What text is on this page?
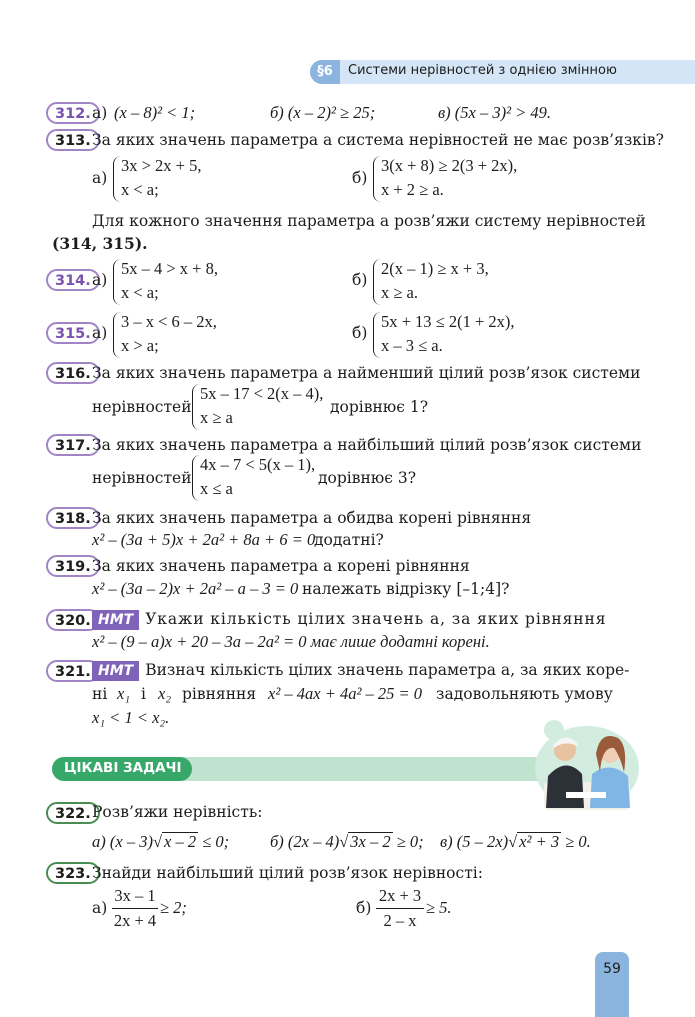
§6	Системи нерівностей з однією змінною
312. а) (x – 8)² < 1;	б) (x – 2)² ≥ 25;	в) (5x – 3)² > 49.
313. За яких значень параметра a система нерівностей не має розв’язків?
а)
3x > 2x + 5,
x < a;
б)
3(x + 8) ≥ 2(3 + 2x),
x + 2 ≥ a.
Для кожного значення параметра a розв’яжи систему нерівностей
(314, 315).
314. а)
5x – 4 > x + 8,
x < a;
б)
2(x – 1) ≥ x + 3,
x ≥ a.
315. а)
3 – x < 6 – 2x,
x > a;
б)
5x + 13 ≤ 2(1 + 2x),
x – 3 ≤ a.
316. За яких значень параметра a найменший цілий розв’язок системи
нерівностей
5x – 17 < 2(x – 4),
x ≥ a
дорівнює 1?
317. За яких значень параметра a найбільший цілий розв’язок системи
нерівностей
4x – 7 < 5(x – 1),
x ≤ a
дорівнює 3?
318. За яких значень параметра a обидва корені рівняння
x² – (3a + 5)x + 2a² + 8a + 6 = 0
додатні?
319. За яких значень параметра a корені рівняння
x² – (3a – 2)x + 2a² – a – 3 = 0 належать відрізку [–1;4]?
320. НМТ Укажи кількість цілих значень a, за яких рівняння
x² – (9 – a)x + 20 – 3a – 2a² = 0 має лише додатні корені.
321. НМТ Визнач кількість цілих значень параметра a, за яких коре-
ні x₁ і x₂ рівняння x² – 4ax + 4a² – 25 = 0 задовольняють умову
x₁ < 1 < x₂.
ЦІКАВІ ЗАДАЧІ
322. Розв’яжи нерівність:
а) (x – 3)√ x – 2 ≤ 0; б) (2x – 4)√ 3x – 2 ≥ 0; в) (5 – 2x)√ x² + 3 ≥ 0.
323. Знайди найбільший цілий розв’язок нерівності:
а)
3x – 1
2x + 4
≥ 2;	б)
2x + 3
2 – x
≥ 5.
59
